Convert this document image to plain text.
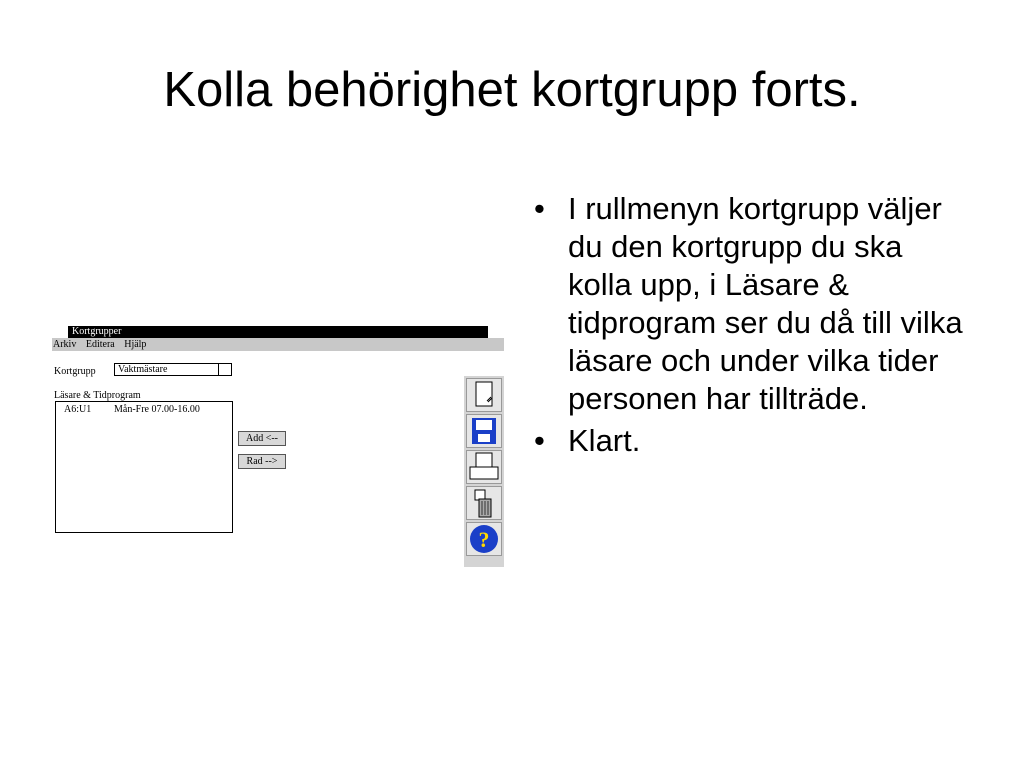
Kolla behörighet kortgrupp forts.
Kortgrupper
Arkiv Editera Hjälp
Kortgrupp	Vaktmästare
Läsare & Tidprogram
A6:U1 Mån-Fre 07.00-16.00
Add <--
Rad -->
?
• I rullmenyn kortgrupp väljer du den kortgrupp du ska kolla upp, i Läsare & tidprogram ser du då till vilka läsare och under vilka tider personen har tillträde.
• Klart.
